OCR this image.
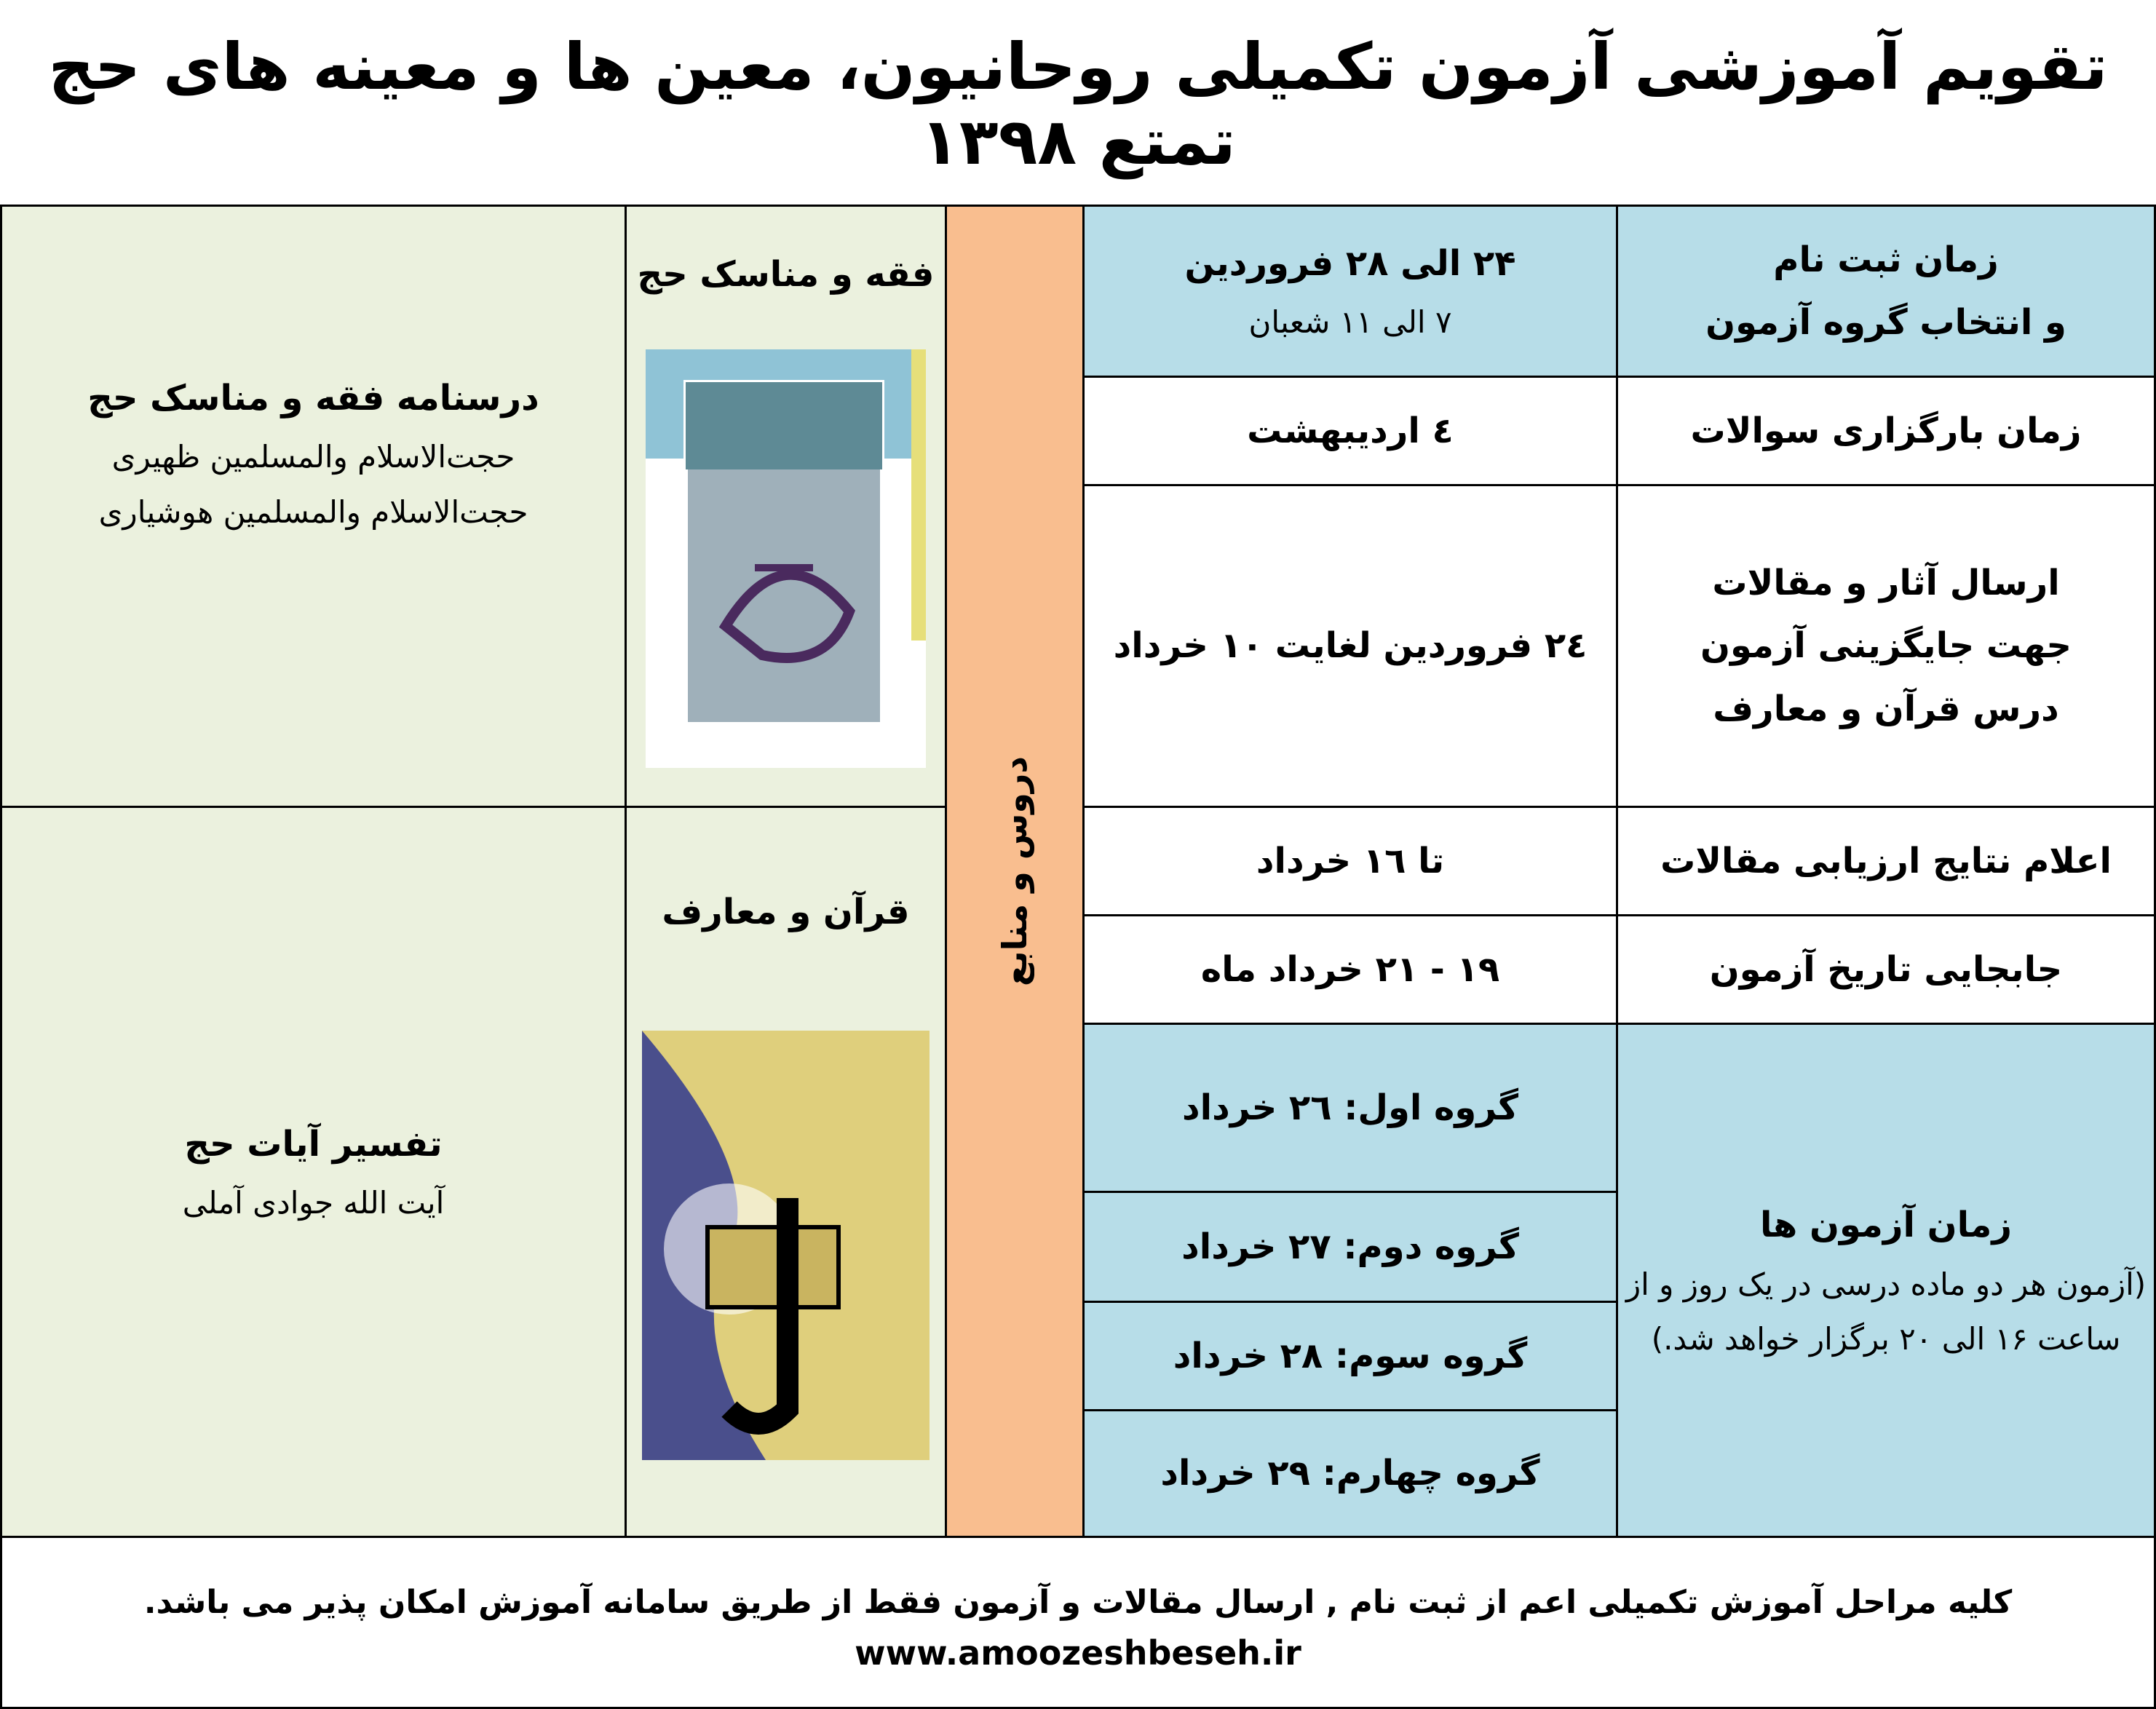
تقویم آموزشی آزمون تکمیلی روحانیون، معین ها و معینه های حج تمتع ۱۳۹۸
زمان ثبت نام
و انتخاب گروه آزمون
۲۴ الی ۲۸ فروردین
۷ الی ۱۱ شعبان
زمان بارگزاری سوالات
٤ اردیبهشت
ارسال آثار و مقالات
جهت جایگزینی آزمون
درس قرآن و معارف
۲٤ فروردین لغایت ۱۰ خرداد
اعلام نتایج ارزیابی مقالات
تا ١٦ خرداد
جابجایی تاریخ آزمون
۱۹ - ۲۱ خرداد ماه
زمان آزمون ها
(آزمون هر دو ماده درسی در یک روز و از
ساعت ۱۶ الی ۲۰ برگزار خواهد شد.)
گروه اول: ۲٦ خرداد
گروه دوم: ۲۷ خرداد
گروه سوم: ۲۸ خرداد
گروه چهارم: ۲۹ خرداد
دروس و منابع
فقه و مناسک حج
درسنامه فقه و مناسک حج
حجت‌الاسلام والمسلمین ظهیری
حجت‌الاسلام والمسلمین هوشیاری
قرآن و معارف
تفسیر آیات حج
آیت الله جوادی آملی
کلیه مراحل آموزش تکمیلی اعم از ثبت نام , ارسال مقالات و آزمون فقط از طریق سامانه آموزش امکان پذیر می باشد.
www.amoozeshbeseh.ir
